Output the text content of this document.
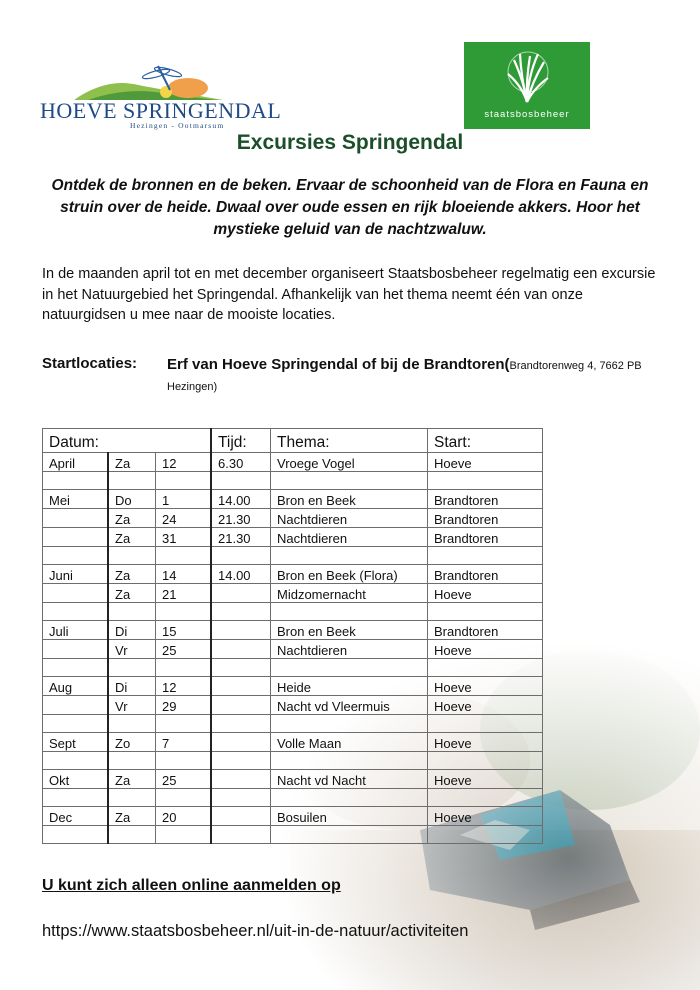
HOEVE SPRINGENDAL
Hezingen - Ootmarsum
staatsbosbeheer
Excursies Springendal
Ontdek de bronnen en de beken. Ervaar de schoonheid van de Flora en Fauna en struin over de heide. Dwaal over oude essen en rijk bloeiende akkers. Hoor het mystieke geluid van de nachtzwaluw.
In de maanden april tot en met december organiseert Staatsbosbeheer regelmatig een excursie in het Natuurgebied het Springendal. Afhankelijk van het thema neemt één van onze natuurgidsen u mee naar de mooiste locaties.
Startlocaties: Erf van Hoeve Springendal of bij de Brandtoren(Brandtorenweg 4, 7662 PB Hezingen)
Datum:			Tijd:	Thema:	Start:
April	Za	12	6.30	Vroege Vogel	Hoeve

Mei	Do	1	14.00	Bron en Beek	Brandtoren
	Za	24	21.30	Nachtdieren	Brandtoren
	Za	31	21.30	Nachtdieren	Brandtoren

Juni	Za	14	14.00	Bron en Beek (Flora)	Brandtoren
	Za	21		Midzomernacht	Hoeve

Juli	Di	15		Bron en Beek	Brandtoren
	Vr	25		Nachtdieren	Hoeve

Aug	Di	12		Heide	Hoeve
	Vr	29		Nacht vd Vleermuis	Hoeve

Sept	Zo	7		Volle Maan	Hoeve

Okt	Za	25		Nacht vd Nacht	Hoeve

Dec	Za	20		Bosuilen	Hoeve

U kunt zich alleen online aanmelden op
https://www.staatsbosbeheer.nl/uit-in-de-natuur/activiteiten
